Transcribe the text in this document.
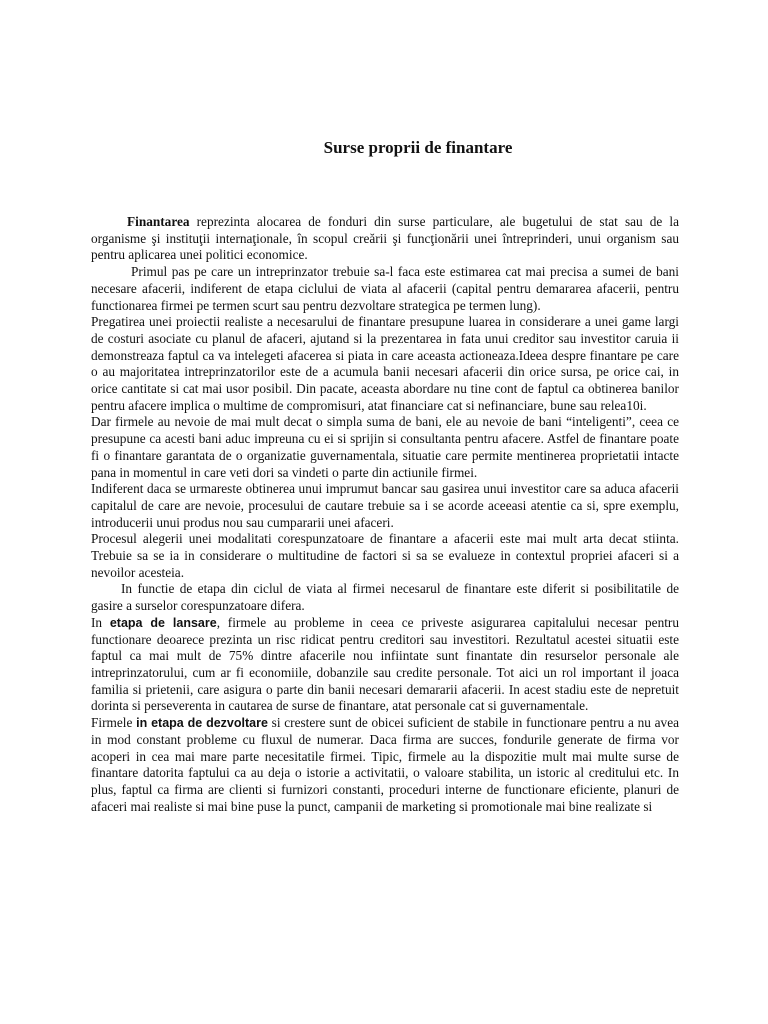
Surse proprii de finantare

Finantarea reprezinta alocarea de fonduri din surse particulare, ale bugetului de stat sau de la organisme şi instituţii internaţionale, în scopul creării şi funcţionării unei întreprinderi, unui organism sau pentru aplicarea unei politici economice.

Primul pas pe care un intreprinzator trebuie sa-l faca este estimarea cat mai precisa a sumei de bani necesare afacerii, indiferent de etapa ciclului de viata al afacerii (capital pentru demararea afacerii, pentru functionarea firmei pe termen scurt sau pentru dezvoltare strategica pe termen lung).

Pregatirea unei proiectii realiste a necesarului de finantare presupune luarea in considerare a unei game largi de costuri asociate cu planul de afaceri, ajutand si la prezentarea in fata unui creditor sau investitor caruia ii demonstreaza faptul ca va intelegeti afacerea si piata in care aceasta actioneaza.Ideea despre finantare pe care o au majoritatea intreprinzatorilor este de a acumula banii necesari afacerii din orice sursa, pe orice cai, in orice cantitate si cat mai usor posibil. Din pacate, aceasta abordare nu tine cont de faptul ca obtinerea banilor pentru afacere implica o multime de compromisuri, atat financiare cat si nefinanciare, bune sau relea10i.

Dar firmele au nevoie de mai mult decat o simpla suma de bani, ele au nevoie de bani “inteligenti”, ceea ce presupune ca acesti bani aduc impreuna cu ei si sprijin si consultanta pentru afacere. Astfel de finantare poate fi o finantare garantata de o organizatie guvernamentala, situatie care permite mentinerea proprietatii intacte pana in momentul in care veti dori sa vindeti o parte din actiunile firmei.

Indiferent daca se urmareste obtinerea unui imprumut bancar sau gasirea unui investitor care sa aduca afacerii capitalul de care are nevoie, procesului de cautare trebuie sa i se acorde aceeasi atentie ca si, spre exemplu, introducerii unui produs nou sau cumpararii unei afaceri.

Procesul alegerii unei modalitati corespunzatoare de finantare a afacerii este mai mult arta decat stiinta. Trebuie sa se ia in considerare o multitudine de factori si sa se evalueze in contextul propriei afaceri si a nevoilor acesteia.

In functie de etapa din ciclul de viata al firmei necesarul de finantare este diferit si posibilitatile de gasire a surselor corespunzatoare difera.

In etapa de lansare, firmele au probleme in ceea ce priveste asigurarea capitalului necesar pentru functionare deoarece prezinta un risc ridicat pentru creditori sau investitori. Rezultatul acestei situatii este faptul ca mai mult de 75% dintre afacerile nou infiintate sunt finantate din resurselor personale ale intreprinzatorului, cum ar fi economiile, dobanzile sau credite personale. Tot aici un rol important il joaca familia si prietenii, care asigura o parte din banii necesari demararii afacerii. In acest stadiu este de nepretuit dorinta si perseverenta in cautarea de surse de finantare, atat personale cat si guvernamentale.

Firmele in etapa de dezvoltare si crestere sunt de obicei suficient de stabile in functionare pentru a nu avea in mod constant probleme cu fluxul de numerar. Daca firma are succes, fondurile generate de firma vor acoperi in cea mai mare parte necesitatile firmei. Tipic, firmele au la dispozitie mult mai multe surse de finantare datorita faptului ca au deja o istorie a activitatii, o valoare stabilita, un istoric al creditului etc. In plus, faptul ca firma are clienti si furnizori constanti, proceduri interne de functionare eficiente, planuri de afaceri mai realiste si mai bine puse la punct, campanii de marketing si promotionale mai bine realizate si
